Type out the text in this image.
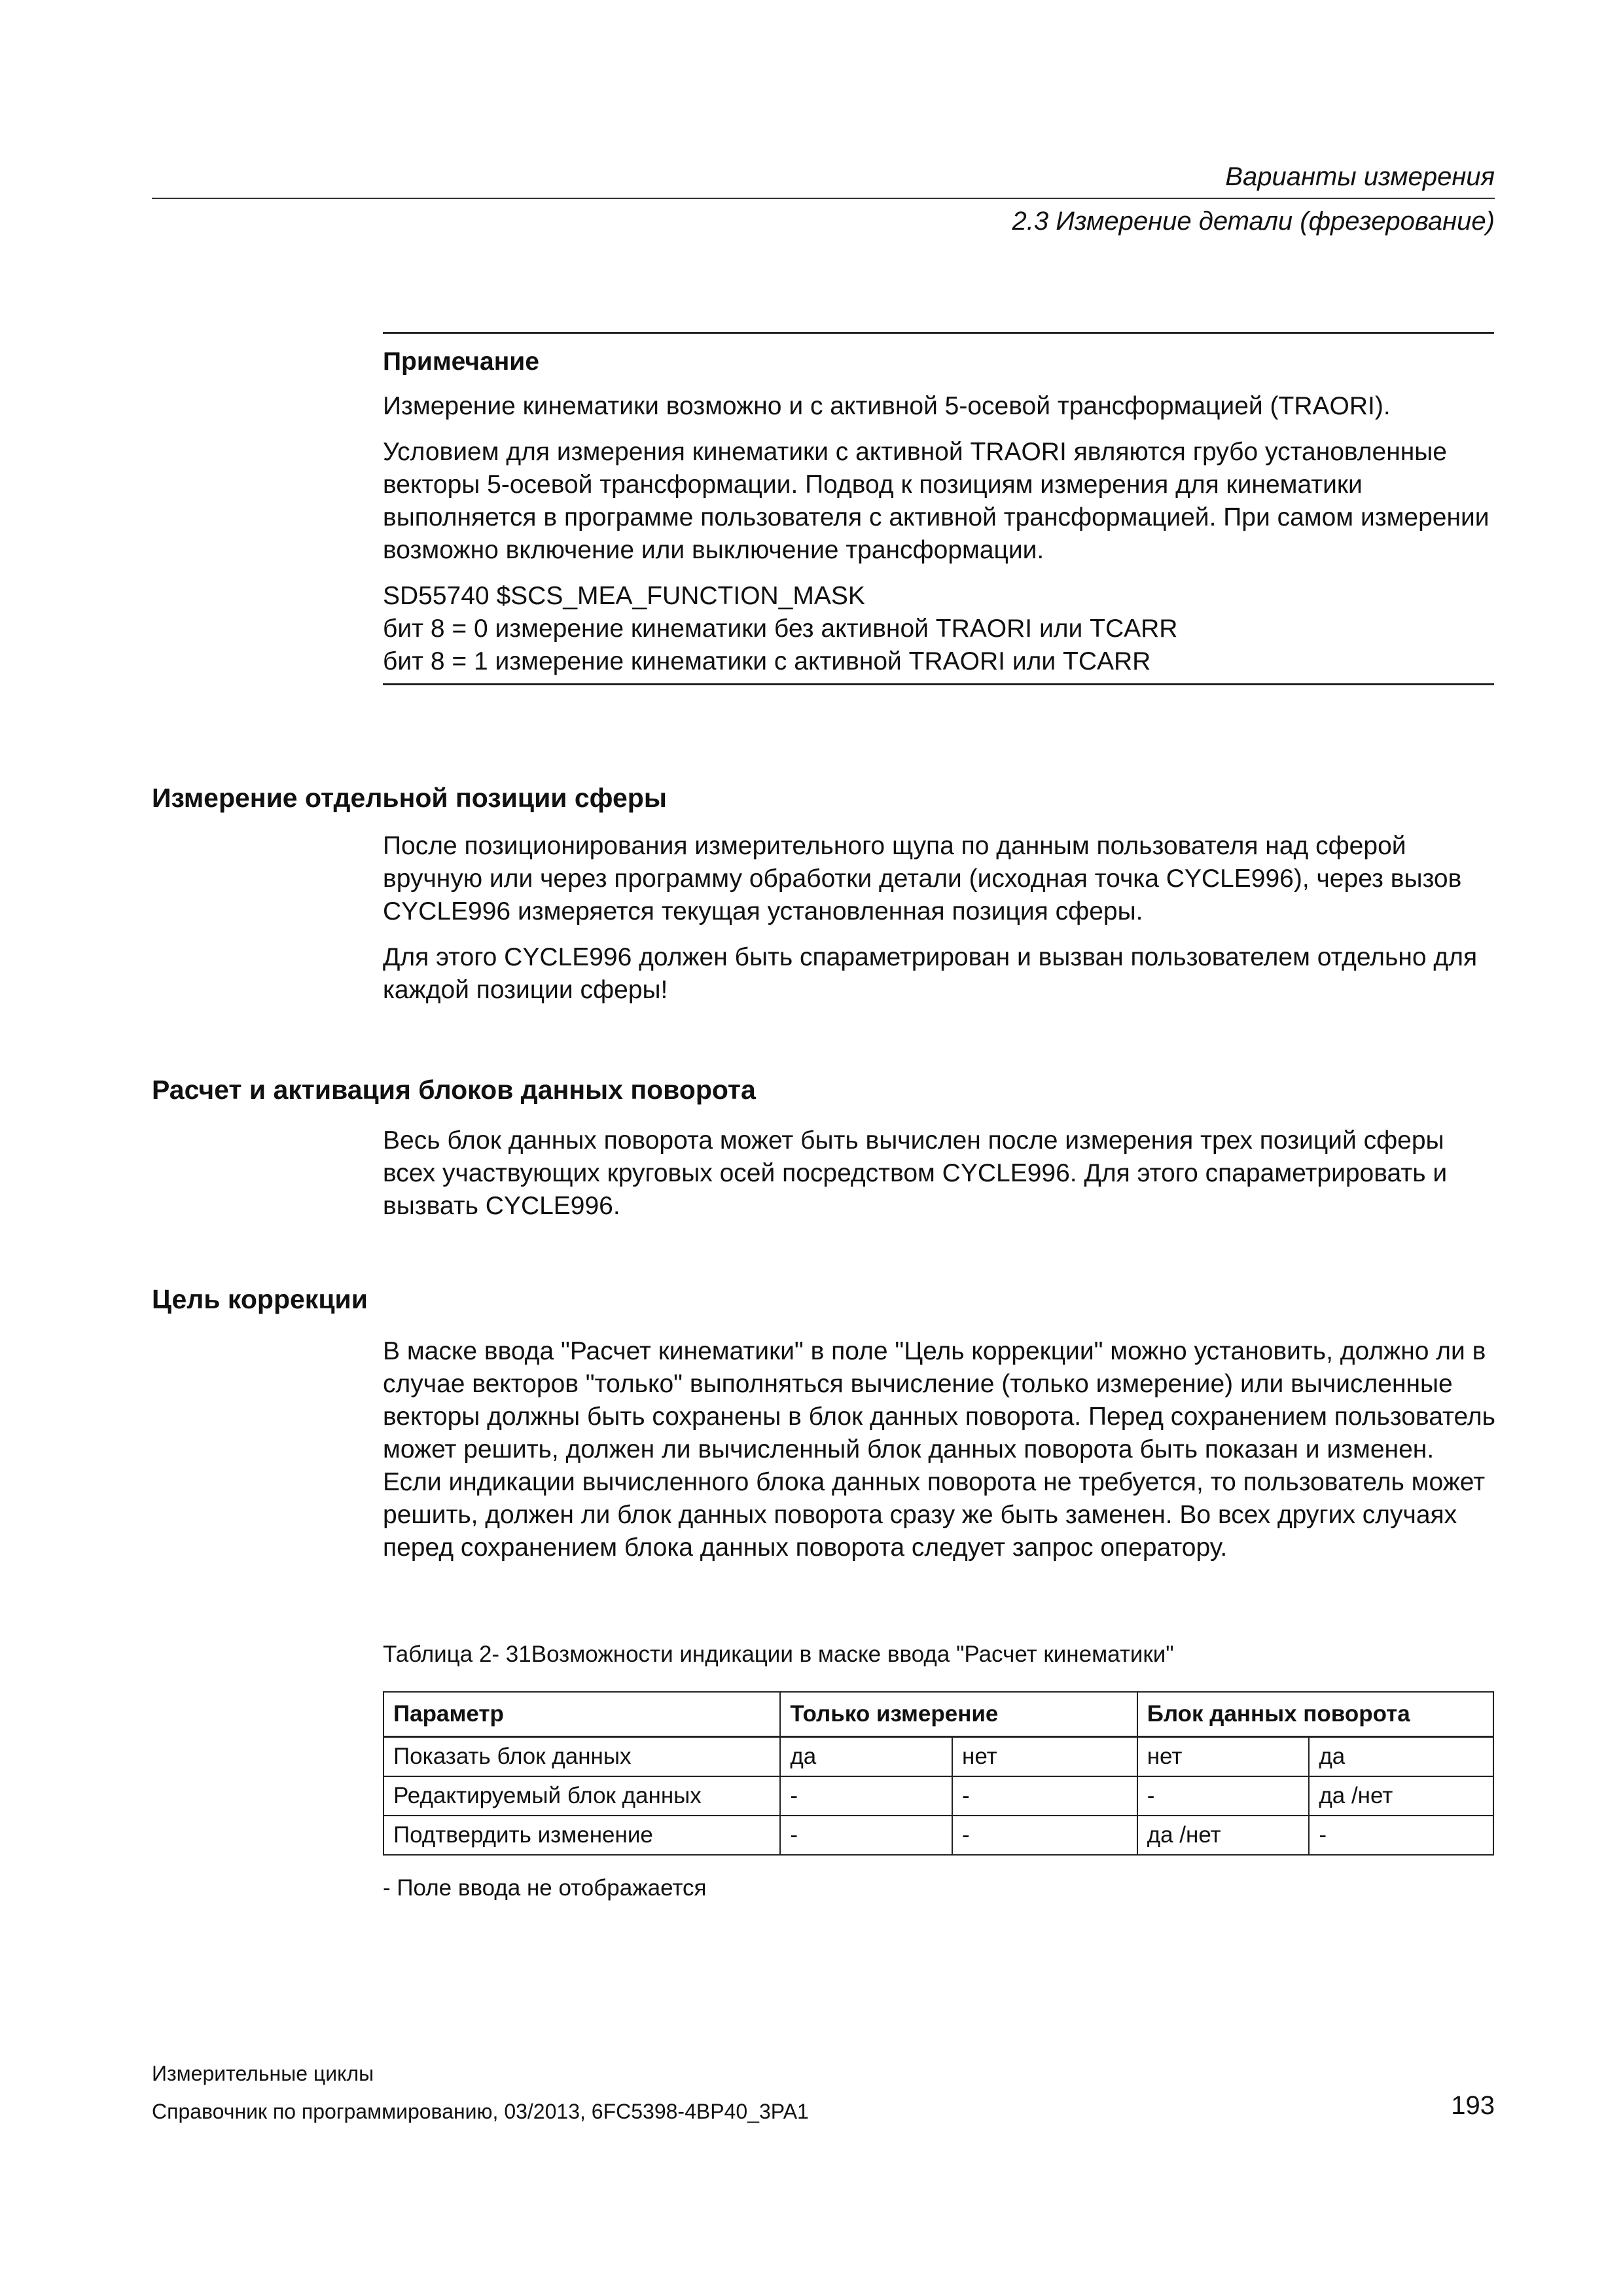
Варианты измерения
2.3 Измерение детали (фрезерование)
Примечание

Измерение кинематики возможно и с активной 5-осевой трансформацией (TRAORI).

Условием для измерения кинематики с активной TRAORI являются грубо установленные векторы 5-осевой трансформации. Подвод к позициям измерения для кинематики выполняется в программе пользователя с активной трансформацией. При самом измерении возможно включение или выключение трансформации.

SD55740 $SCS_MEA_FUNCTION_MASK

бит 8 = 0 измерение кинематики без активной TRAORI или TCARR

бит 8 = 1 измерение кинематики с активной TRAORI или TCARR

Измерение отдельной позиции сферы

После позиционирования измерительного щупа по данным пользователя над сферой вручную или через программу обработки детали (исходная точка CYCLE996), через вызов CYCLE996 измеряется текущая установленная позиция сферы.

Для этого CYCLE996 должен быть спараметрирован и вызван пользователем отдельно для каждой позиции сферы!

Расчет и активация блоков данных поворота

Весь блок данных поворота может быть вычислен после измерения трех позиций сферы всех участвующих круговых осей посредством CYCLE996. Для этого спараметрировать и вызвать CYCLE996.

Цель коррекции

В маске ввода "Расчет кинематики" в поле "Цель коррекции" можно установить, должно ли в случае векторов "только" выполняться вычисление (только измерение) или вычисленные векторы должны быть сохранены в блок данных поворота. Перед сохранением пользователь может решить, должен ли вычисленный блок данных поворота быть показан и изменен. Если индикации вычисленного блока данных поворота не требуется, то пользователь может решить, должен ли блок данных поворота сразу же быть заменен. Во всех других случаях перед сохранением блока данных поворота следует запрос оператору.

Таблица 2- 31Возможности индикации в маске ввода "Расчет кинематики"
Параметр	Только измерение		Блок данных поворота	
Показать блок данных	да	нет	нет	да
Редактируемый блок данных	-	-	-	да /нет
Подтвердить изменение	-	-	да /нет	-
- Поле ввода не отображается
Измерительные циклы
Справочник по программированию, 03/2013, 6FC5398-4BP40_3PA1	193
